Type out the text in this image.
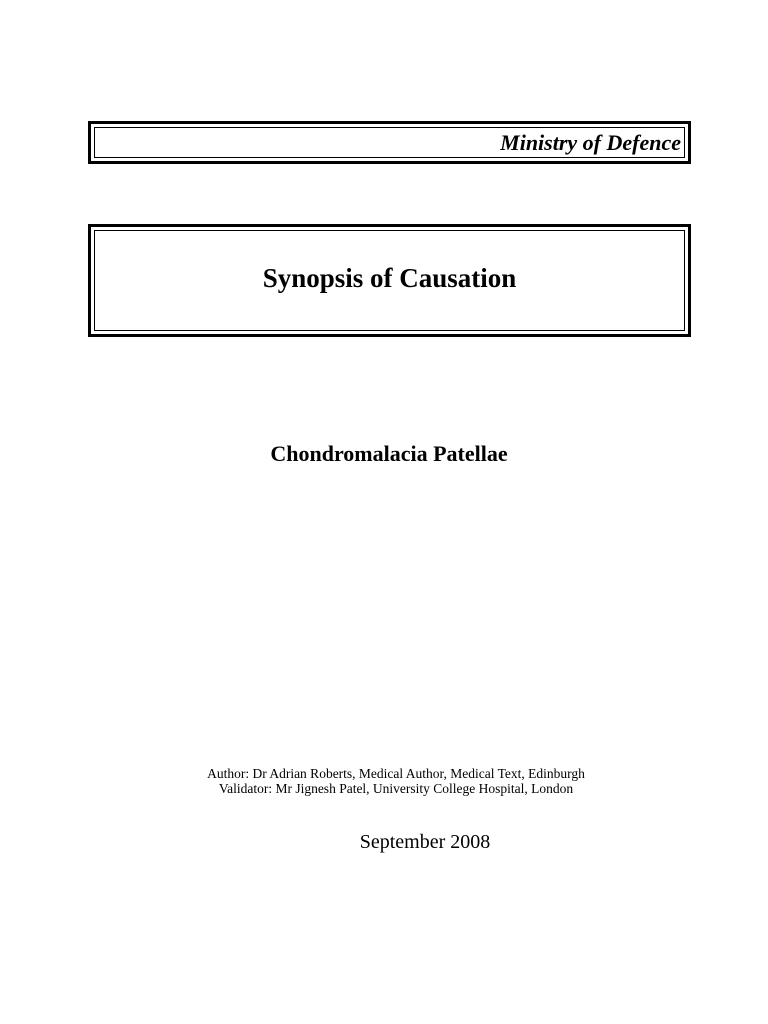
Ministry of Defence
Synopsis of Causation
Chondromalacia Patellae
Author: Dr Adrian Roberts, Medical Author, Medical Text, Edinburgh
Validator: Mr Jignesh Patel, University College Hospital, London
September 2008
